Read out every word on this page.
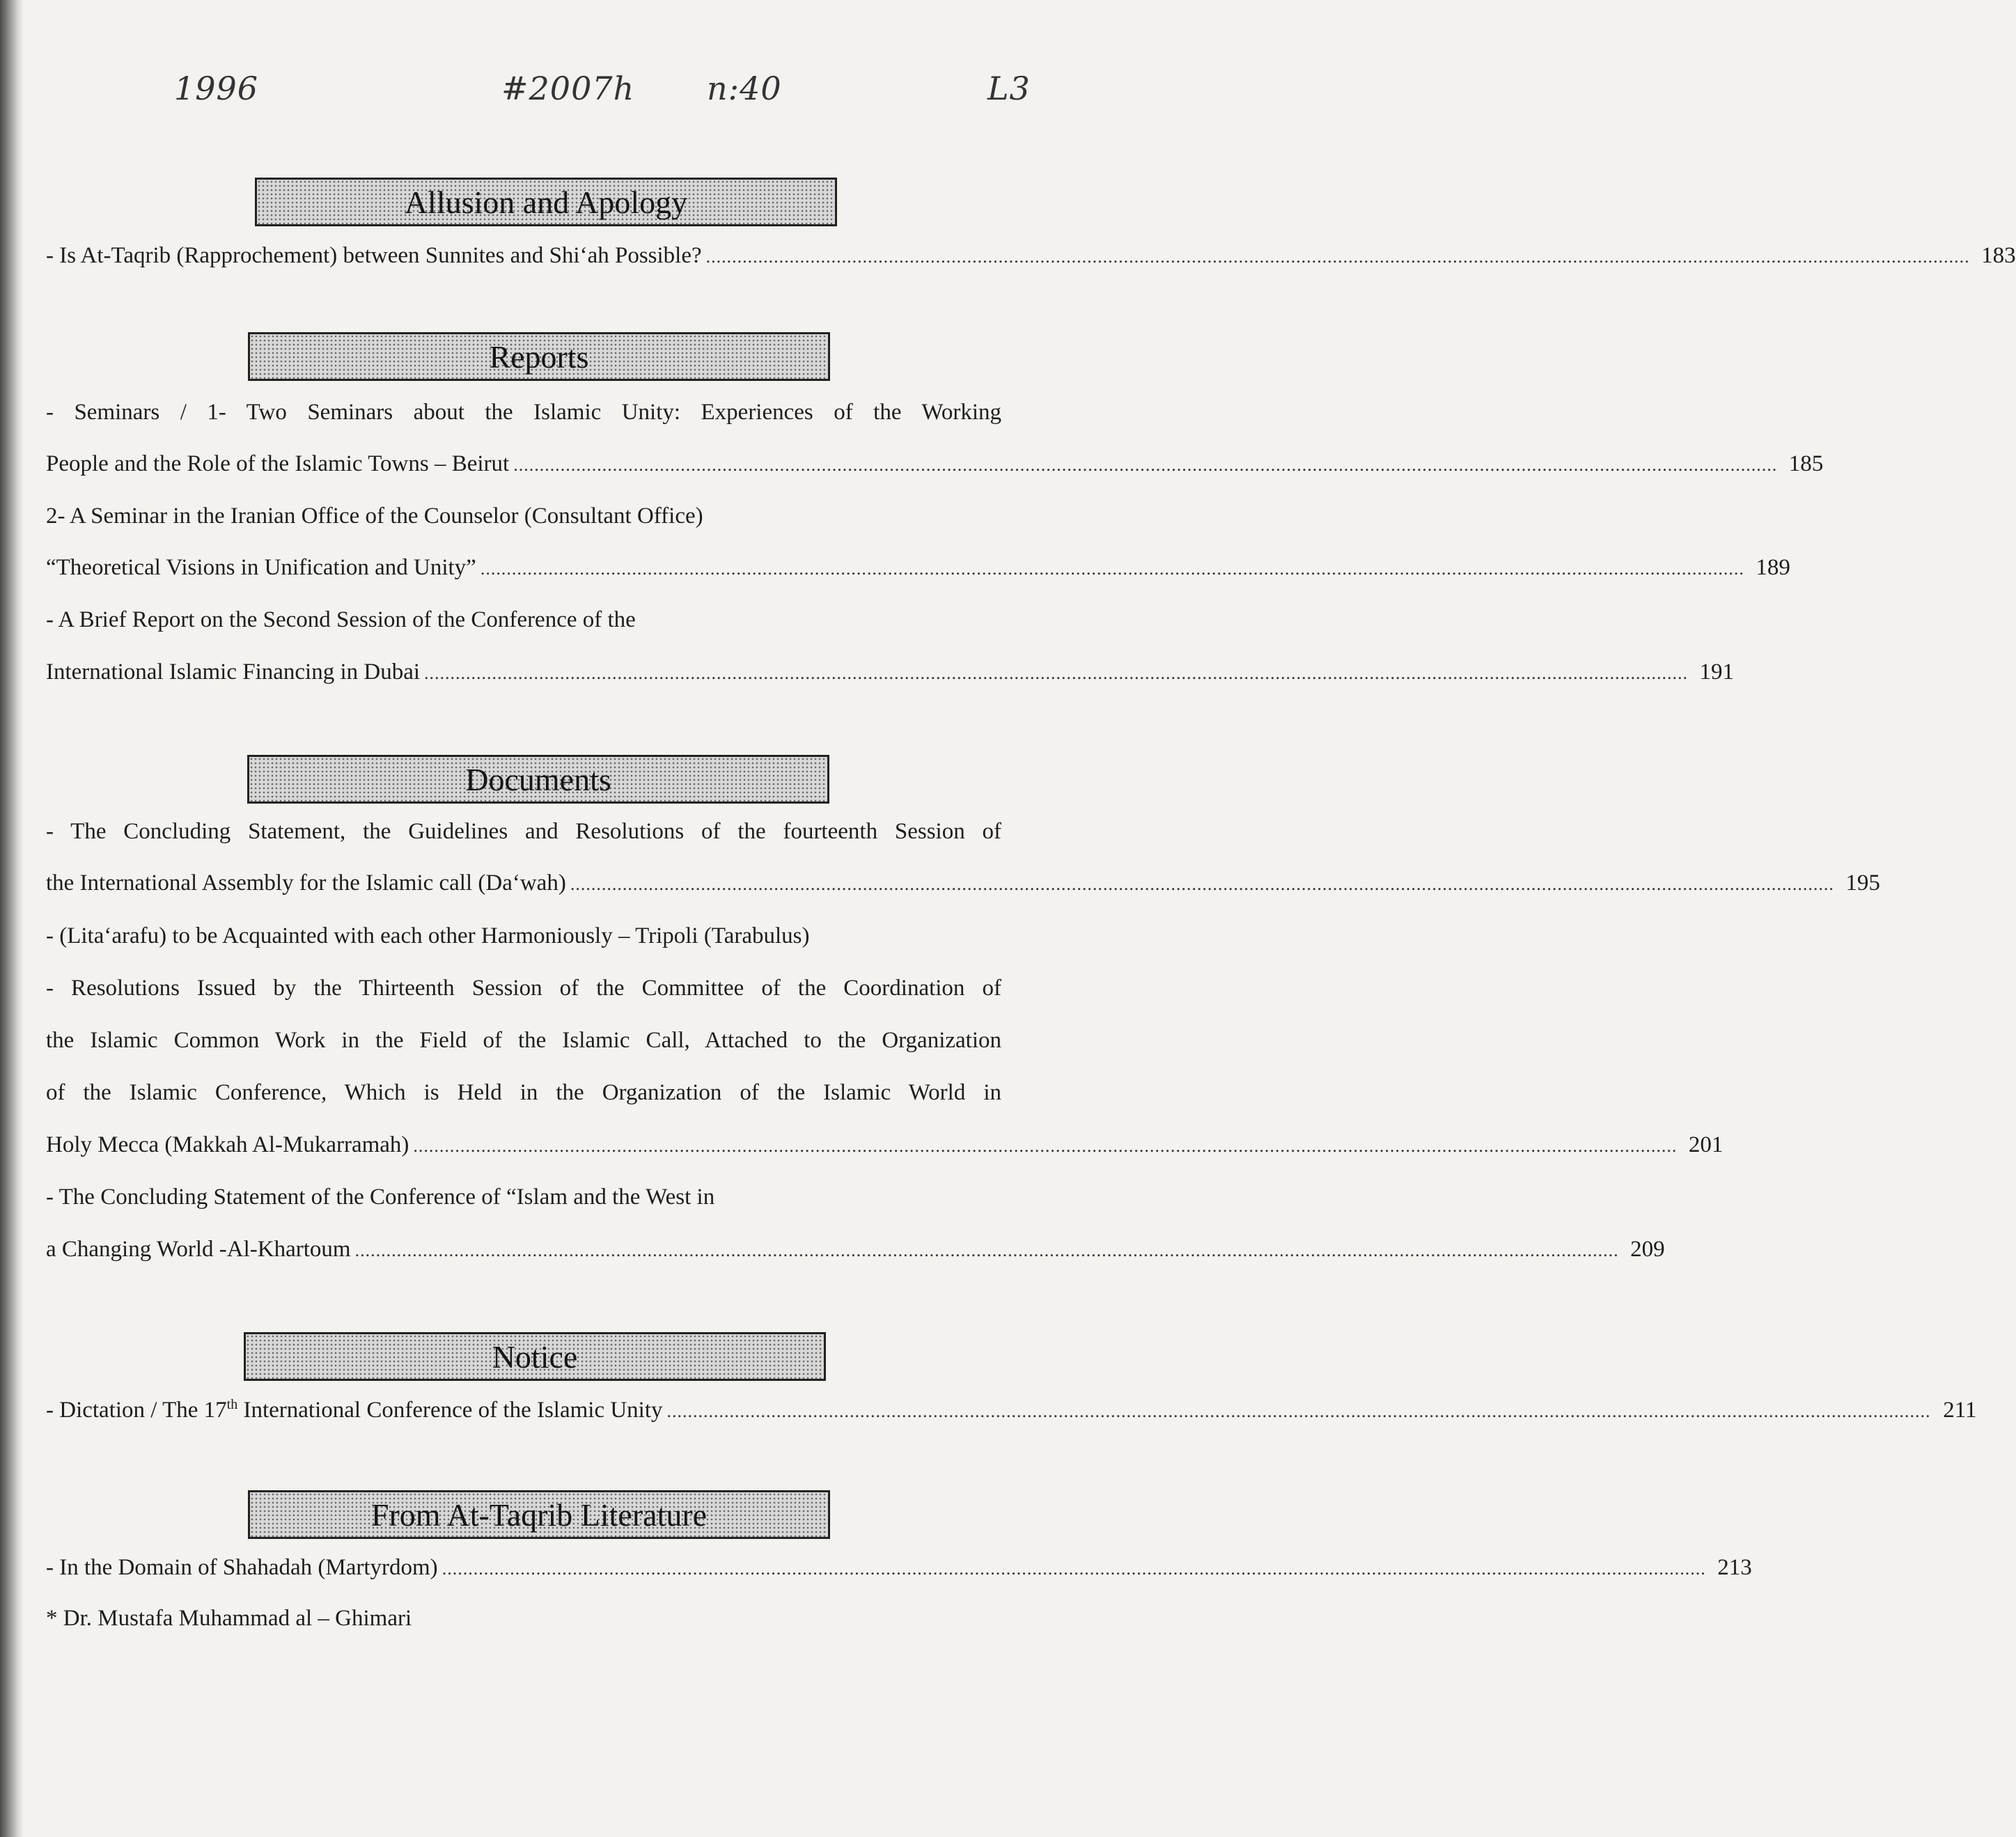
1996	#2007h n:40	L3
Allusion and Apology
- Is At-Taqrib (Rapprochement) between Sunnites and Shi‘ah Possible? .................................................................................................................................................................................................................................................. 183
Reports
- Seminars / 1- Two Seminars about the Islamic Unity: Experiences of the Working
People and the Role of the Islamic Towns – Beirut .................................................................................................................................................................................................................................................. 185
2- A Seminar in the Iranian Office of the Counselor (Consultant Office)
“Theoretical Visions in Unification and Unity” .................................................................................................................................................................................................................................................. 189
- A Brief Report on the Second Session of the Conference of the
International Islamic Financing in Dubai .................................................................................................................................................................................................................................................. 191
Documents
- The Concluding Statement, the Guidelines and Resolutions of the fourteenth Session of
the International Assembly for the Islamic call (Da‘wah) .................................................................................................................................................................................................................................................. 195
- (Lita‘arafu) to be Acquainted with each other Harmoniously – Tripoli (Tarabulus)
- Resolutions Issued by the Thirteenth Session of the Committee of the Coordination of
the Islamic Common Work in the Field of the Islamic Call, Attached to the Organization
of the Islamic Conference, Which is Held in the Organization of the Islamic World in
Holy Mecca (Makkah Al-Mukarramah) .................................................................................................................................................................................................................................................. 201
- The Concluding Statement of the Conference of “Islam and the West in
a Changing World -Al-Khartoum .................................................................................................................................................................................................................................................. 209
Notice
- Dictation / The 17th International Conference of the Islamic Unity .................................................................................................................................................................................................................................................. 211
From At-Taqrib Literature
- In the Domain of Shahadah (Martyrdom) .................................................................................................................................................................................................................................................. 213
* Dr. Mustafa Muhammad al – Ghimari
